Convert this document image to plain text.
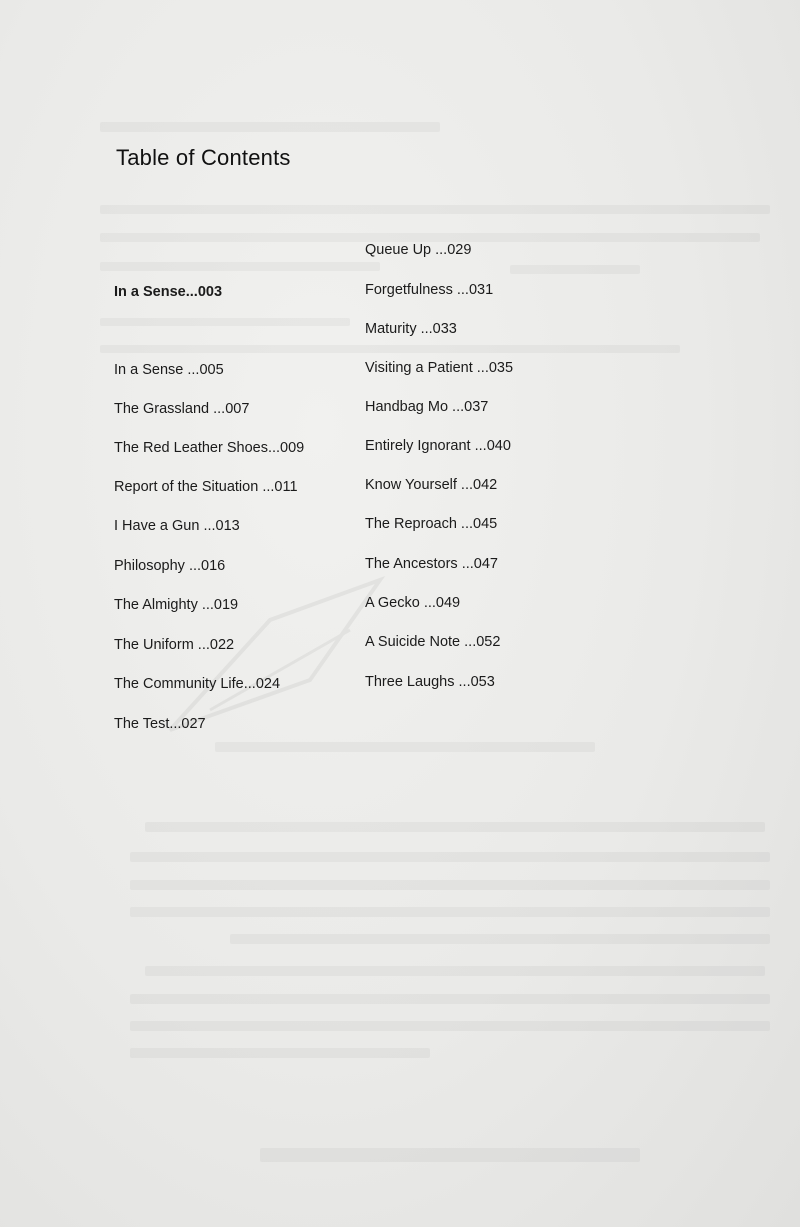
Table of Contents
In a Sense...003
In a Sense ...005
The Grassland ...007
The Red Leather Shoes...009
Report of the Situation ...011
I Have a Gun ...013
Philosophy ...016
The Almighty ...019
The Uniform ...022
The Community Life...024
The Test...027
Queue Up ...029
Forgetfulness ...031
Maturity ...033
Visiting a Patient ...035
Handbag Mo ...037
Entirely Ignorant ...040
Know Yourself ...042
The Reproach ...045
The Ancestors ...047
A Gecko ...049
A Suicide Note ...052
Three Laughs ...053
